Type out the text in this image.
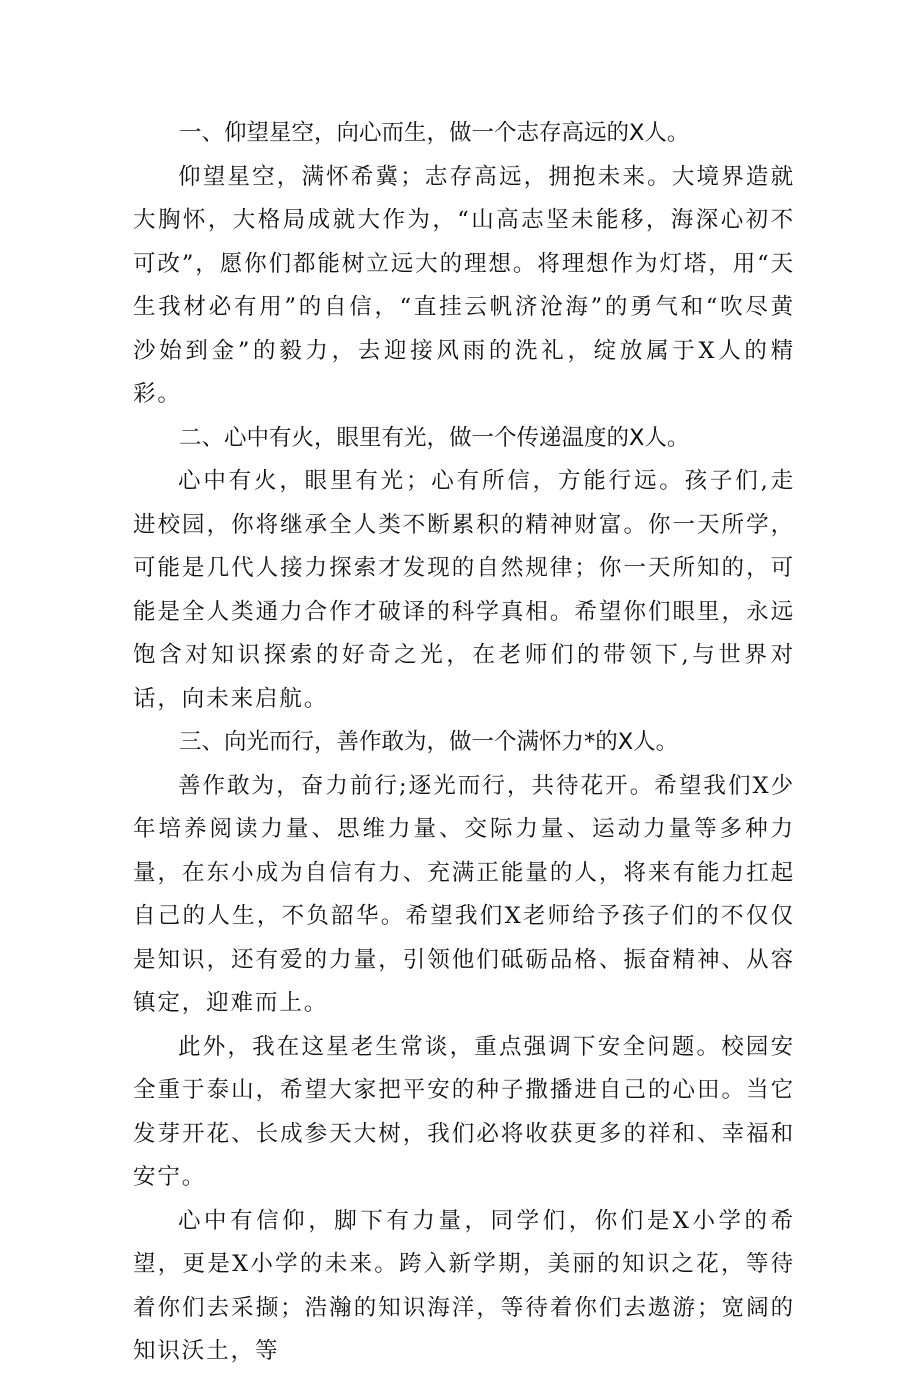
一、仰望星空，向心而生，做一个志存高远的X人。

仰望星空，满怀希冀；志存高远，拥抱未来。大境界造就大胸怀，大格局成就大作为，“山高志坚未能移，海深心初不可改”，愿你们都能树立远大的理想。将理想作为灯塔，用“天生我材必有用”的自信，“直挂云帆济沧海”的勇气和“吹尽黄沙始到金”的毅力，去迎接风雨的洗礼，绽放属于X人的精彩。

二、心中有火，眼里有光，做一个传递温度的X人。

心中有火，眼里有光；心有所信，方能行远。孩子们,走进校园，你将继承全人类不断累积的精神财富。你一天所学，可能是几代人接力探索才发现的自然规律；你一天所知的，可能是全人类通力合作才破译的科学真相。希望你们眼里，永远饱含对知识探索的好奇之光，在老师们的带领下,与世界对话，向未来启航。

三、向光而行，善作敢为，做一个满怀力*的X人。

善作敢为，奋力前行;逐光而行，共待花开。希望我们X少年培养阅读力量、思维力量、交际力量、运动力量等多种力量，在东小成为自信有力、充满正能量的人，将来有能力扛起自己的人生，不负韶华。希望我们X老师给予孩子们的不仅仅是知识，还有爱的力量，引领他们砥砺品格、振奋精神、从容镇定，迎难而上。

此外，我在这星老生常谈，重点强调下安全问题。校园安全重于泰山，希望大家把平安的种子撒播进自己的心田。当它发芽开花、长成参天大树，我们必将收获更多的祥和、幸福和安宁。

心中有信仰，脚下有力量，同学们，你们是X小学的希望，更是X小学的未来。跨入新学期，美丽的知识之花，等待着你们去采撷；浩瀚的知识海洋，等待着你们去遨游；宽阔的知识沃土，等
